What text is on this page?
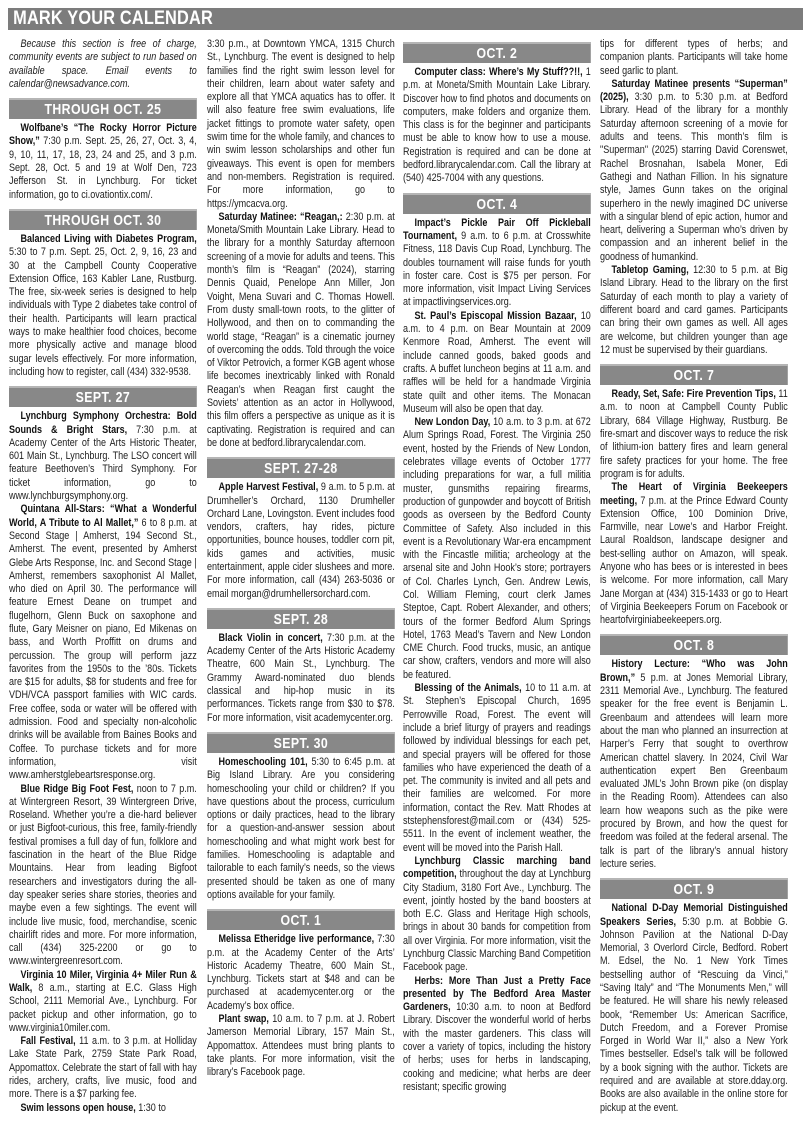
MARK YOUR CALENDAR

Because this section is free of charge, community events are subject to run based on available space. Email events to calendar@newsadvance.com.

THROUGH OCT. 25

Wolfbane’s “The Rocky Horror Picture Show,” 7:30 p.m. Sept. 25, 26, 27, Oct. 3, 4, 9, 10, 11, 17, 18, 23, 24 and 25, and 3 p.m. Sept. 28, Oct. 5 and 19 at Wolf Den, 723 Jefferson St. in Lynchburg. For ticket information, go to ci.ovationtix.com/.

THROUGH OCT. 30

Balanced Living with Diabetes Program, 5:30 to 7 p.m. Sept. 25, Oct. 2, 9, 16, 23 and 30 at the Campbell County Cooperative Extension Office, 163 Kabler Lane, Rustburg. The free, six-week series is designed to help individuals with Type 2 diabetes take control of their health. Participants will learn practical ways to make healthier food choices, become more physically active and manage blood sugar levels effectively. For more information, including how to register, call (434) 332-9538.

SEPT. 27

Lynchburg Symphony Orchestra: Bold Sounds & Bright Stars, 7:30 p.m. at Academy Center of the Arts Historic Theater, 601 Main St., Lynchburg. The LSO concert will feature Beethoven’s Third Symphony. For ticket information, go to www.lynchburgsymphony.org.

Quintana All-Stars: “What a Wonderful World, A Tribute to Al Mallet,” 6 to 8 p.m. at Second Stage | Amherst, 194 Second St., Amherst. The event, presented by Amherst Glebe Arts Response, Inc. and Second Stage | Amherst, remembers saxophonist Al Mallet, who died on April 30. The performance will feature Ernest Deane on trumpet and flugelhorn, Glenn Buck on saxophone and flute, Gary Meisner on piano, Ed Mikenas on bass, and Worth Proffitt on drums and percussion. The group will perform jazz favorites from the 1950s to the ’80s. Tickets are $15 for adults, $8 for students and free for VDH/VCA passport families with WIC cards. Free coffee, soda or water will be offered with admission. Food and specialty non-alcoholic drinks will be available from Baines Books and Coffee. To purchase tickets and for more information, visit www.amherstglebeartsresponse.org.

Blue Ridge Big Foot Fest, noon to 7 p.m. at Wintergreen Resort, 39 Wintergreen Drive, Roseland. Whether you’re a die-hard believer or just Bigfoot-curious, this free, family-friendly festival promises a full day of fun, folklore and fascination in the heart of the Blue Ridge Mountains. Hear from leading Bigfoot researchers and investigators during the all-day speaker series share stories, theories and maybe even a few sightings. The event will include live music, food, merchandise, scenic chairlift rides and more. For more information, call (434) 325-2200 or go to www.wintergreenresort.com.

Virginia 10 Miler, Virginia 4+ Miler Run & Walk, 8 a.m., starting at E.C. Glass High School, 2111 Memorial Ave., Lynchburg. For packet pickup and other information, go to www.virginia10miler.com.

Fall Festival, 11 a.m. to 3 p.m. at Holliday Lake State Park, 2759 State Park Road, Appomattox. Celebrate the start of fall with hay rides, archery, crafts, live music, food and more. There is a $7 parking fee.

Swim lessons open house, 1:30 to

3:30 p.m., at Downtown YMCA, 1315 Church St., Lynchburg. The event is designed to help families find the right swim lesson level for their children, learn about water safety and explore all that YMCA aquatics has to offer. It will also feature free swim evaluations, life jacket fittings to promote water safety, open swim time for the whole family, and chances to win swim lesson scholarships and other fun giveaways. This event is open for members and non-members. Registration is required. For more information, go to https://ymcacva.org.

Saturday Matinee: “Reagan,: 2:30 p.m. at Moneta/Smith Mountain Lake Library. Head to the library for a monthly Saturday afternoon screening of a movie for adults and teens. This month’s film is “Reagan” (2024), starring Dennis Quaid, Penelope Ann Miller, Jon Voight, Mena Suvari and C. Thomas Howell. From dusty small-town roots, to the glitter of Hollywood, and then on to commanding the world stage, “Reagan” is a cinematic journey of overcoming the odds. Told through the voice of Viktor Petrovich, a former KGB agent whose life becomes inextricably linked with Ronald Reagan’s when Reagan first caught the Soviets’ attention as an actor in Hollywood, this film offers a perspective as unique as it is captivating. Registration is required and can be done at bedford.librarycalendar.com.

SEPT. 27-28

Apple Harvest Festival, 9 a.m. to 5 p.m. at Drumheller’s Orchard, 1130 Drumheller Orchard Lane, Lovingston. Event includes food vendors, crafters, hay rides, picture opportunities, bounce houses, toddler corn pit, kids games and activities, music entertainment, apple cider slushees and more. For more information, call (434) 263-5036 or email morgan@drumhellersorchard.com.

SEPT. 28

Black Violin in concert, 7:30 p.m. at the Academy Center of the Arts Historic Academy Theatre, 600 Main St., Lynchburg. The Grammy Award-nominated duo blends classical and hip-hop music in its performances. Tickets range from $30 to $78. For more information, visit academycenter.org.

SEPT. 30

Homeschooling 101, 5:30 to 6:45 p.m. at Big Island Library. Are you considering homeschooling your child or children? If you have questions about the process, curriculum options or daily practices, head to the library for a question-and-answer session about homeschooling and what might work best for families. Homeschooling is adaptable and tailorable to each family’s needs, so the views presented should be taken as one of many options available for your family.

OCT. 1

Melissa Etheridge live performance, 7:30 p.m. at the Academy Center of the Arts’ Historic Academy Theatre, 600 Main St., Lynchburg. Tickets start at $48 and can be purchased at academycenter.org or the Academy’s box office.

Plant swap, 10 a.m. to 7 p.m. at J. Robert Jamerson Memorial Library, 157 Main St., Appomattox. Attendees must bring plants to take plants. For more information, visit the library’s Facebook page.

OCT. 2

Computer class: Where’s My Stuff??!!, 1 p.m. at Moneta/Smith Mountain Lake Library. Discover how to find photos and documents on computers, make folders and organize them. This class is for the beginner and participants must be able to know how to use a mouse. Registration is required and can be done at bedford.librarycalendar.com. Call the library at (540) 425-7004 with any questions.

OCT. 4

Impact’s Pickle Pair Off Pickleball Tournament, 9 a.m. to 6 p.m. at Crosswhite Fitness, 118 Davis Cup Road, Lynchburg. The doubles tournament will raise funds for youth in foster care. Cost is $75 per person. For more information, visit Impact Living Services at impactlivingservices.org.

St. Paul’s Episcopal Mission Bazaar, 10 a.m. to 4 p.m. on Bear Mountain at 2009 Kenmore Road, Amherst. The event will include canned goods, baked goods and crafts. A buffet luncheon begins at 11 a.m. and raffles will be held for a handmade Virginia state quilt and other items. The Monacan Museum will also be open that day.

New London Day, 10 a.m. to 3 p.m. at 672 Alum Springs Road, Forest. The Virginia 250 event, hosted by the Friends of New London, celebrates village events of October 1777 including preparations for war, a full militia muster, gunsmiths repairing firearms, production of gunpowder and boycott of British goods as overseen by the Bedford County Committee of Safety. Also included in this event is a Revolutionary War-era encampment with the Fincastle militia; archeology at the arsenal site and John Hook’s store; portrayers of Col. Charles Lynch, Gen. Andrew Lewis, Col. William Fleming, court clerk James Steptoe, Capt. Robert Alexander, and others; tours of the former Bedford Alum Springs Hotel, 1763 Mead’s Tavern and New London CME Church. Food trucks, music, an antique car show, crafters, vendors and more will also be featured.

Blessing of the Animals, 10 to 11 a.m. at St. Stephen’s Episcopal Church, 1695 Perrowville Road, Forest. The event will include a brief liturgy of prayers and readings followed by individual blessings for each pet, and special prayers will be offered for those families who have experienced the death of a pet. The community is invited and all pets and their families are welcomed. For more information, contact the Rev. Matt Rhodes at ststephensforest@mail.com or (434) 525-5511. In the event of inclement weather, the event will be moved into the Parish Hall.

Lynchburg Classic marching band competition, throughout the day at Lynchburg City Stadium, 3180 Fort Ave., Lynchburg. The event, jointly hosted by the band boosters at both E.C. Glass and Heritage High schools, brings in about 30 bands for competition from all over Virginia. For more information, visit the Lynchburg Classic Marching Band Competition Facebook page.

Herbs: More Than Just a Pretty Face presented by The Bedford Area Master Gardeners, 10:30 a.m. to noon at Bedford Library. Discover the wonderful world of herbs with the master gardeners. This class will cover a variety of topics, including the history of herbs; uses for herbs in landscaping, cooking and medicine; what herbs are deer resistant; specific growing

tips for different types of herbs; and companion plants. Participants will take home seed garlic to plant.

Saturday Matinee presents “Superman” (2025), 3:30 p.m. to 5:30 p.m. at Bedford Library. Head of the library for a monthly Saturday afternoon screening of a movie for adults and teens. This month’s film is "Superman" (2025) starring David Corenswet, Rachel Brosnahan, Isabela Moner, Edi Gathegi and Nathan Fillion. In his signature style, James Gunn takes on the original superhero in the newly imagined DC universe with a singular blend of epic action, humor and heart, delivering a Superman who’s driven by compassion and an inherent belief in the goodness of humankind.

Tabletop Gaming, 12:30 to 5 p.m. at Big Island Library. Head to the library on the first Saturday of each month to play a variety of different board and card games. Participants can bring their own games as well. All ages are welcome, but children younger than age 12 must be supervised by their guardians.

OCT. 7

Ready, Set, Safe: Fire Prevention Tips, 11 a.m. to noon at Campbell County Public Library, 684 Village Highway, Rustburg. Be fire-smart and discover ways to reduce the risk of lithium-ion battery fires and learn general fire safety practices for your home. The free program is for adults.

The Heart of Virginia Beekeepers meeting, 7 p.m. at the Prince Edward County Extension Office, 100 Dominion Drive, Farmville, near Lowe’s and Harbor Freight. Laural Roaldson, landscape designer and best-selling author on Amazon, will speak. Anyone who has bees or is interested in bees is welcome. For more information, call Mary Jane Morgan at (434) 315-1433 or go to Heart of Virginia Beekeepers Forum on Facebook or heartofvirginiabeekeepers.org.

OCT. 8

History Lecture: “Who was John Brown,” 5 p.m. at Jones Memorial Library, 2311 Memorial Ave., Lynchburg. The featured speaker for the free event is Benjamin L. Greenbaum and attendees will learn more about the man who planned an insurrection at Harper’s Ferry that sought to overthrow American chattel slavery. In 2024, Civil War authentication expert Ben Greenbaum evaluated JML’s John Brown pike (on display in the Reading Room). Attendees can also learn how weapons such as the pike were procured by Brown, and how the quest for freedom was foiled at the federal arsenal. The talk is part of the library’s annual history lecture series.

OCT. 9

National D-Day Memorial Distinguished Speakers Series, 5:30 p.m. at Bobbie G. Johnson Pavilion at the National D-Day Memorial, 3 Overlord Circle, Bedford. Robert M. Edsel, the No. 1 New York Times bestselling author of “Rescuing da Vinci,” “Saving Italy” and “The Monuments Men,” will be featured. He will share his newly released book, “Remember Us: American Sacrifice, Dutch Freedom, and a Forever Promise Forged in World War II,” also a New York Times bestseller. Edsel’s talk will be followed by a book signing with the author. Tickets are required and are available at store.dday.org. Books are also available in the online store for pickup at the event.
